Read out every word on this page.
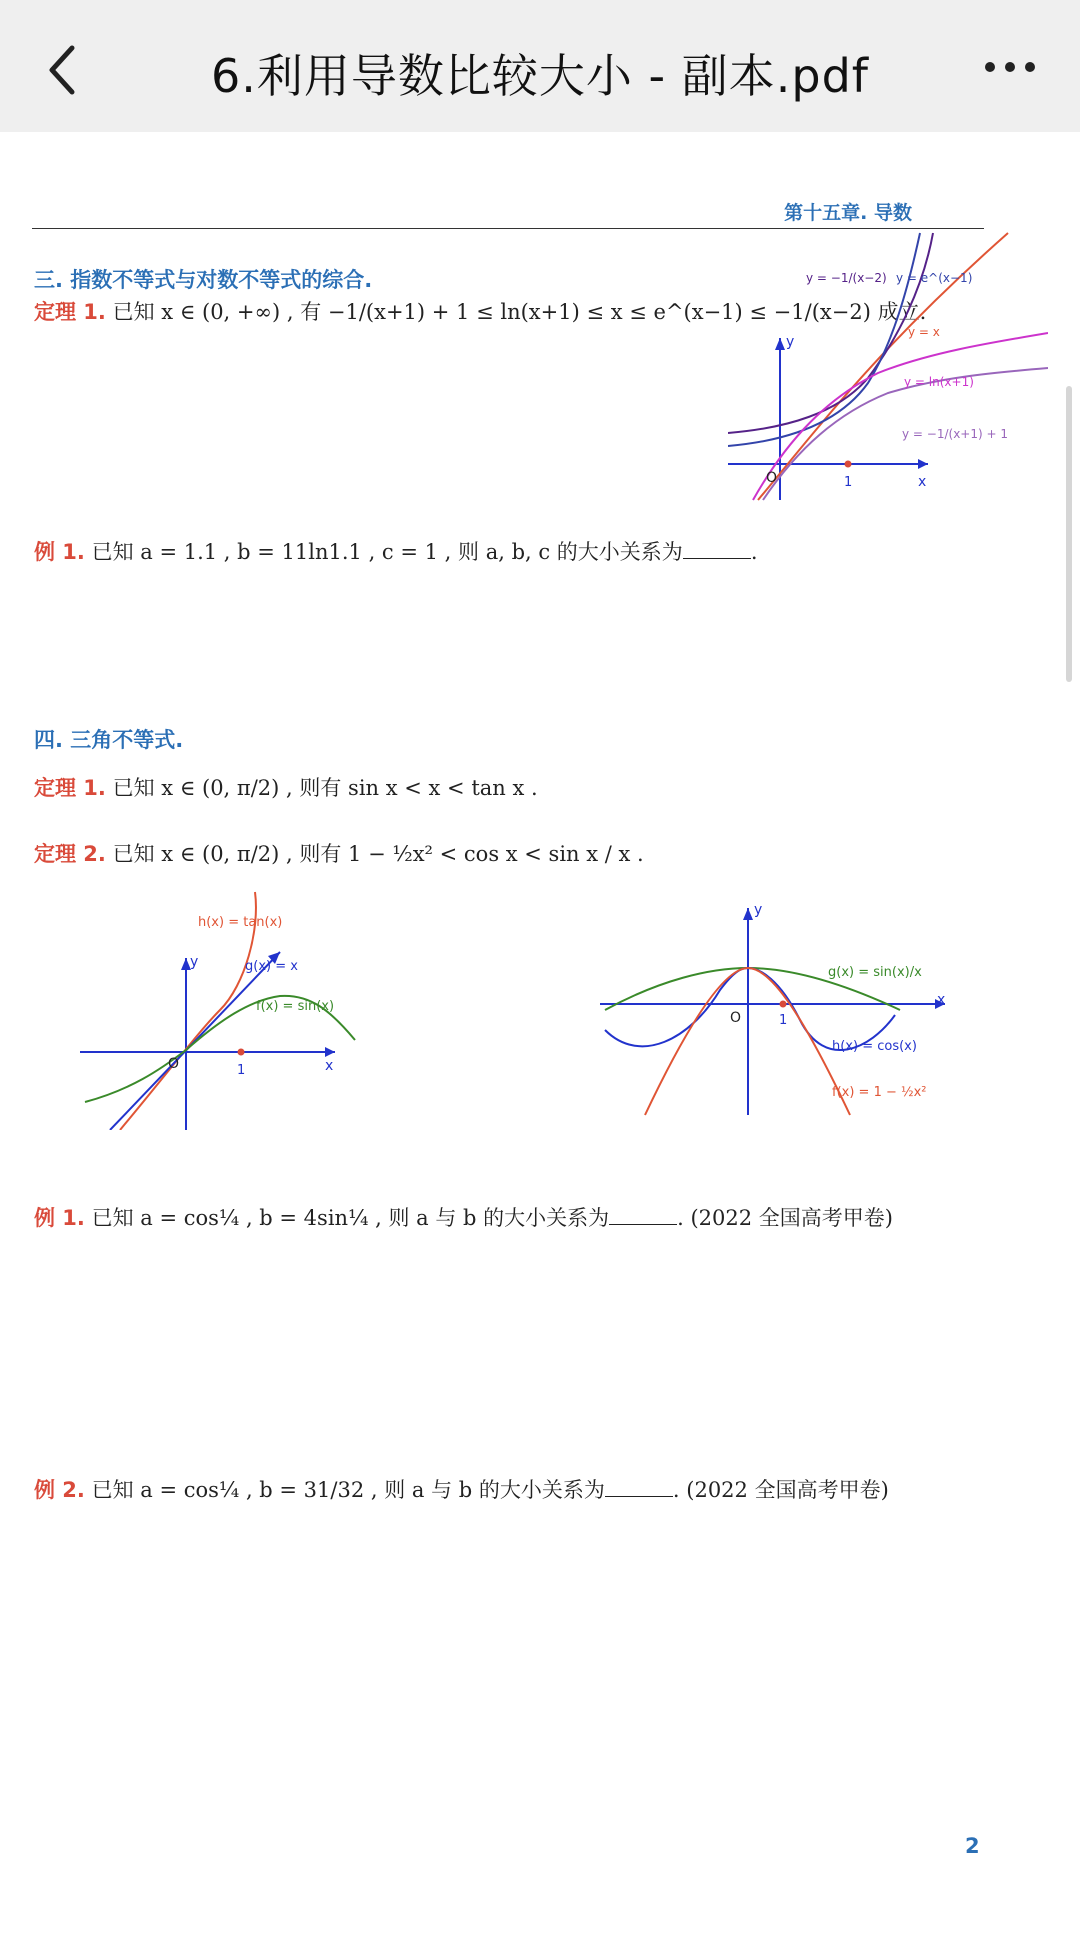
6.利用导数比较大小 - 副本.pdf
第十五章. 导数
三. 指数不等式与对数不等式的综合.
定理 1. 已知 x ∈ (0, +∞) , 有 −1/(x+1) + 1 ≤ ln(x+1) ≤ x ≤ e^(x−1) ≤ −1/(x−2) 成立.
例 1. 已知 a = 1.1 , b = 11ln1.1 , c = 1 , 则 a, b, c 的大小关系为	.
O	1	x
y
y = −1/(x−2) y = e^(x−1)
y = x
y = ln(x+1)
y = −1/(x+1) + 1
四. 三角不等式.
定理 1. 已知 x ∈ (0, π/2) , 则有 sin x < x < tan x .
定理 2. 已知 x ∈ (0, π/2) , 则有 1 − ½x² < cos x < sin x / x .
O	1	x
y
h(x) = tan(x)
g(x) = x
f(x) = sin(x)
O	1
x
y
g(x) = sin(x)/x
h(x) = cos(x)
f(x) = 1 − ½x²
例 1. 已知 a = cos¼ , b = 4sin¼ , 则 a 与 b 的大小关系为	. (2022 全国高考甲卷)
例 2. 已知 a = cos¼ , b = 31/32 , 则 a 与 b 的大小关系为	. (2022 全国高考甲卷)
2
